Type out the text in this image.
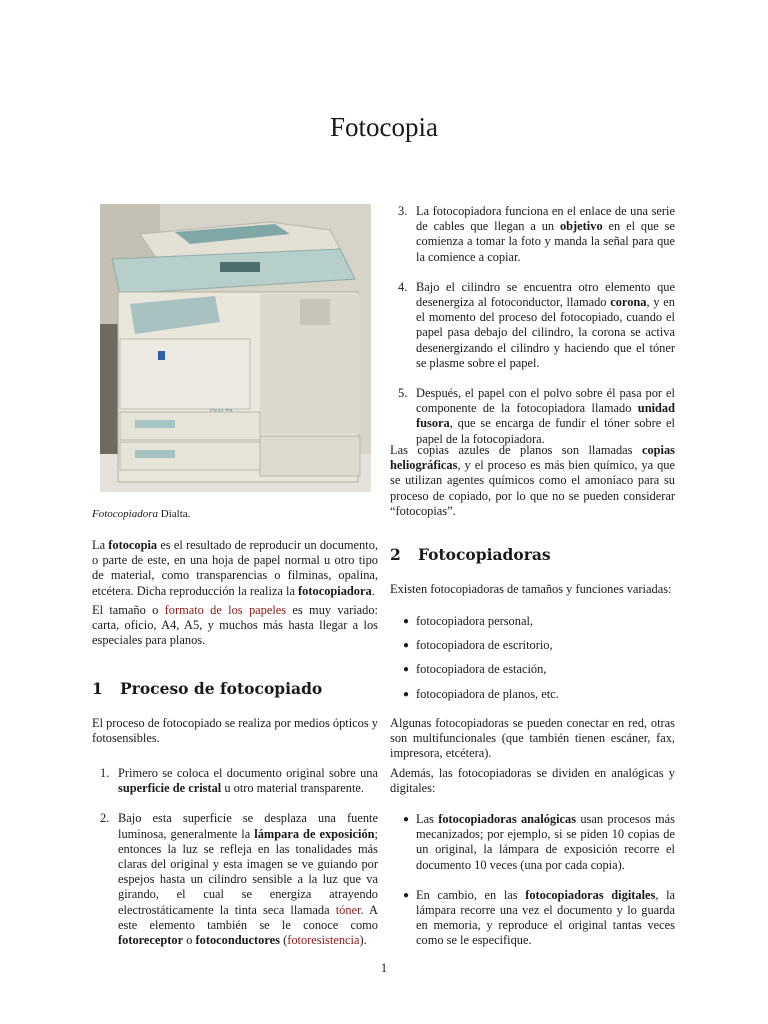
Fotocopia
Fotocopiadora Dialta.

La fotocopia es el resultado de reproducir un documento, o parte de este, en una hoja de papel normal u otro tipo de material, como transparencias o filminas, opalina, etcétera. Dicha reproducción la realiza la fotocopiadora.

El tamaño o formato de los papeles es muy variado: carta, oficio, A4, A5, y muchos más hasta llegar a los especiales para planos.

1 Proceso de fotocopiado

El proceso de fotocopiado se realiza por medios ópticos y fotosensibles.

1. Primero se coloca el documento original sobre una superficie de cristal u otro material transparente.
2. Bajo esta superficie se desplaza una fuente luminosa, generalmente la lámpara de exposición; entonces la luz se refleja en las tonalidades más claras del original y esta imagen se ve guiando por espejos hasta un cilindro sensible a la luz que va girando, el cual se energiza atrayendo electrostáticamente la tinta seca llamada tóner. A este elemento también se le conoce como fotoreceptor o fotoconductores (fotoresistencia).
3. La fotocopiadora funciona en el enlace de una serie de cables que llegan a un objetivo en el que se comienza a tomar la foto y manda la señal para que la comience a copiar.
4. Bajo el cilindro se encuentra otro elemento que desenergiza al fotoconductor, llamado corona, y en el momento del proceso del fotocopiado, cuando el papel pasa debajo del cilindro, la corona se activa desenergizando el cilindro y haciendo que el tóner se plasme sobre el papel.
5. Después, el papel con el polvo sobre él pasa por el componente de la fotocopiadora llamado unidad fusora, que se encarga de fundir el tóner sobre el papel de la fotocopiadora.

Las copias azules de planos son llamadas copias heliográficas, y el proceso es más bien químico, ya que se utilizan agentes químicos como el amoníaco para su proceso de copiado, por lo que no se pueden considerar “fotocopias”.

2 Fotocopiadoras

Existen fotocopiadoras de tamaños y funciones variadas:

● fotocopiadora personal,
● fotocopiadora de escritorio,
● fotocopiadora de estación,
● fotocopiadora de planos, etc.

Algunas fotocopiadoras se pueden conectar en red, otras son multifuncionales (que también tienen escáner, fax, impresora, etcétera).

Además, las fotocopiadoras se dividen en analógicas y digitales:

● Las fotocopiadoras analógicas usan procesos más mecanizados; por ejemplo, si se piden 10 copias de un original, la lámpara de exposición recorre el documento 10 veces (una por cada copia).
● En cambio, en las fotocopiadoras digitales, la lámpara recorre una vez el documento y lo guarda en memoria, y reproduce el original tantas veces como se le especifique.
1
